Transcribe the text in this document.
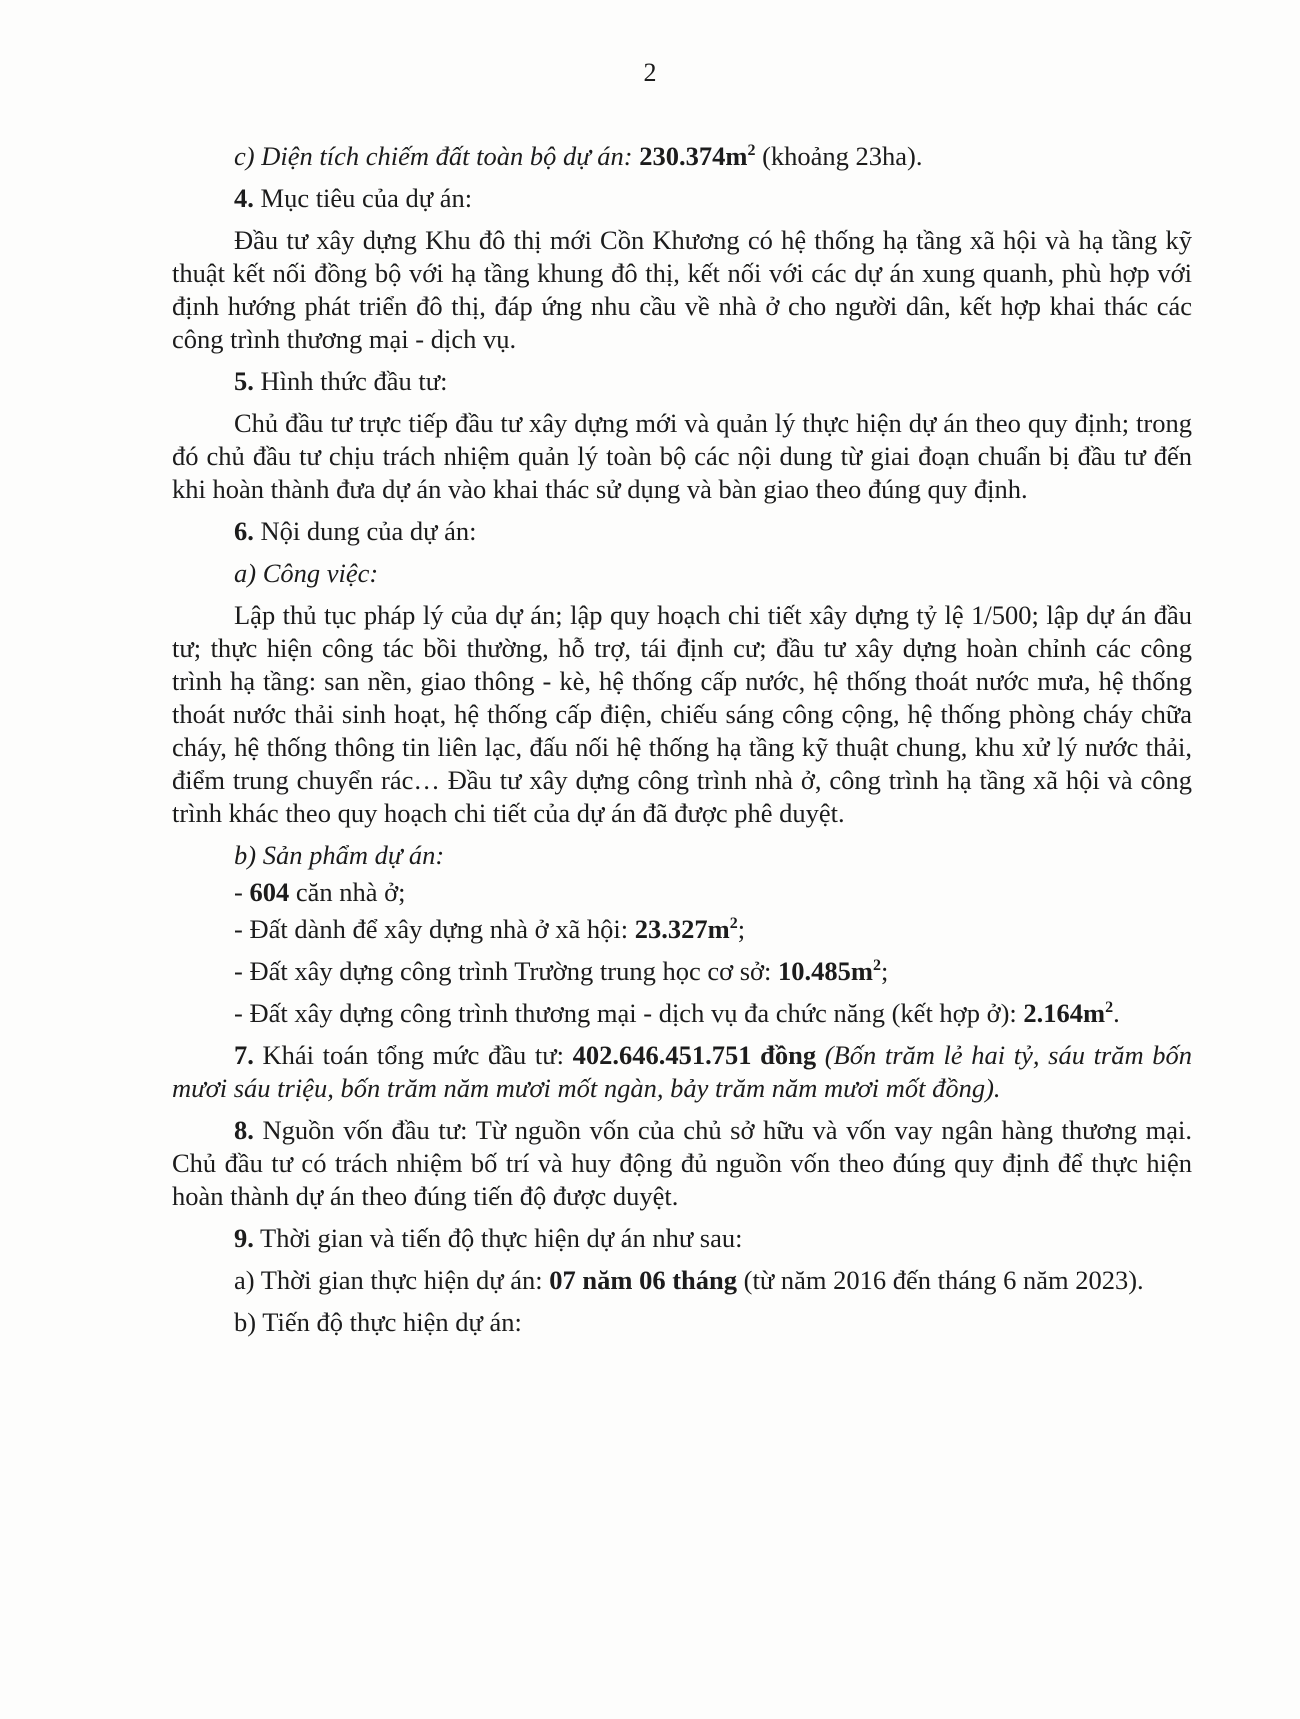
2
c) Diện tích chiếm đất toàn bộ dự án: $230.374m^2$ (khoảng 23ha).
4. Mục tiêu của dự án:

Đầu tư xây dựng Khu đô thị mới Cồn Khương có hệ thống hạ tầng xã hội và hạ tầng kỹ thuật kết nối đồng bộ với hạ tầng khung đô thị, kết nối với các dự án xung quanh, phù hợp với định hướng phát triển đô thị, đáp ứng nhu cầu về nhà ở cho người dân, kết hợp khai thác các công trình thương mại - dịch vụ.

5. Hình thức đầu tư:

Chủ đầu tư trực tiếp đầu tư xây dựng mới và quản lý thực hiện dự án theo quy định; trong đó chủ đầu tư chịu trách nhiệm quản lý toàn bộ các nội dung từ giai đoạn chuẩn bị đầu tư đến khi hoàn thành đưa dự án vào khai thác sử dụng và bàn giao theo đúng quy định.

6. Nội dung của dự án:
a) Công việc:

Lập thủ tục pháp lý của dự án; lập quy hoạch chi tiết xây dựng tỷ lệ 1/500; lập dự án đầu tư; thực hiện công tác bồi thường, hỗ trợ, tái định cư; đầu tư xây dựng hoàn chỉnh các công trình hạ tầng: san nền, giao thông - kè, hệ thống cấp nước, hệ thống thoát nước mưa, hệ thống thoát nước thải sinh hoạt, hệ thống cấp điện, chiếu sáng công cộng, hệ thống phòng cháy chữa cháy, hệ thống thông tin liên lạc, đấu nối hệ thống hạ tầng kỹ thuật chung, khu xử lý nước thải, điểm trung chuyển rác… Đầu tư xây dựng công trình nhà ở, công trình hạ tầng xã hội và công trình khác theo quy hoạch chi tiết của dự án đã được phê duyệt.

b) Sản phẩm dự án:
- 604 căn nhà ở;
- Đất dành để xây dựng nhà ở xã hội: $23.327m^2$;
- Đất xây dựng công trình Trường trung học cơ sở: $10.485m^2$;

- Đất xây dựng công trình thương mại - dịch vụ đa chức năng (kết hợp ở): $2.164m^2$.

7. Khái toán tổng mức đầu tư: 402.646.451.751 đồng (Bốn trăm lẻ hai tỷ, sáu trăm bốn mươi sáu triệu, bốn trăm năm mươi mốt ngàn, bảy trăm năm mươi mốt đồng).

8. Nguồn vốn đầu tư: Từ nguồn vốn của chủ sở hữu và vốn vay ngân hàng thương mại. Chủ đầu tư có trách nhiệm bố trí và huy động đủ nguồn vốn theo đúng quy định để thực hiện hoàn thành dự án theo đúng tiến độ được duyệt.

9. Thời gian và tiến độ thực hiện dự án như sau:

a) Thời gian thực hiện dự án: 07 năm 06 tháng (từ năm 2016 đến tháng 6 năm 2023).

b) Tiến độ thực hiện dự án:
